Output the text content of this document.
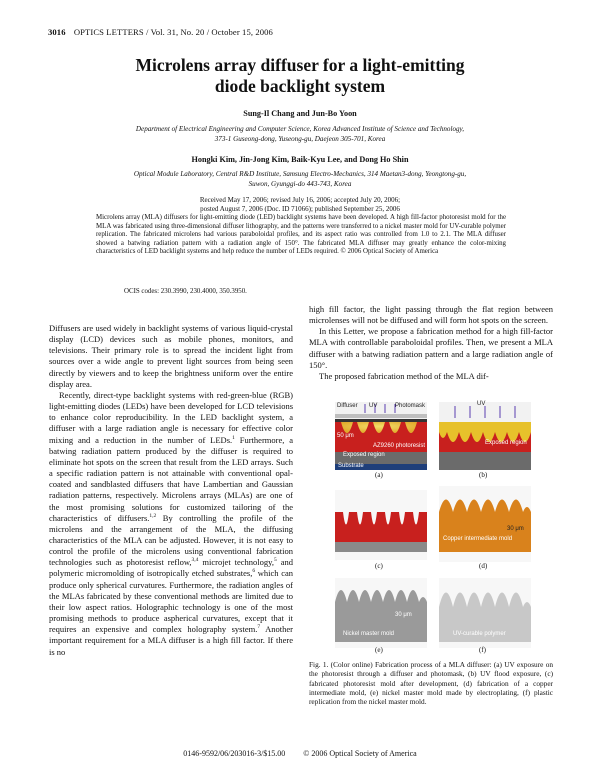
3016 OPTICS LETTERS / Vol. 31, No. 20 / October 15, 2006
Microlens array diffuser for a light-emitting
diode backlight system
Sung-Il Chang and Jun-Bo Yoon
Department of Electrical Engineering and Computer Science, Korea Advanced Institute of Science and Technology,
373-1 Guseong-dong, Yuseong-gu, Daejeon 305-701, Korea
Hongki Kim, Jin-Jong Kim, Baik-Kyu Lee, and Dong Ho Shin
Optical Module Laboratory, Central R&D Institute, Samsung Electro-Mechanics, 314 Maetan3-dong, Yeongtong-gu,
Suwon, Gyunggi-do 443-743, Korea
Received May 17, 2006; revised July 16, 2006; accepted July 20, 2006;
posted August 7, 2006 (Doc. ID 71066); published September 25, 2006
Microlens array (MLA) diffusers for light-emitting diode (LED) backlight systems have been developed. A high fill-factor photoresist mold for the MLA was fabricated using three-dimensional diffuser lithography, and the patterns were transferred to a nickel master mold for UV-curable polymer replication. The fabricated microlens had various paraboloidal profiles, and its aspect ratio was controlled from 1.0 to 2.1. The MLA diffuser showed a batwing radiation pattern with a radiation angle of 150°. The fabricated MLA diffuser may greatly enhance the color-mixing characteristics of LED backlight systems and help reduce the number of LEDs required. © 2006 Optical Society of America
OCIS codes: 230.3990, 230.4000, 350.3950.

Diffusers are used widely in backlight systems of various liquid-crystal display (LCD) devices such as mobile phones, monitors, and televisions. Their primary role is to spread the incident light from sources over a wide angle to prevent light sources from being seen directly by viewers and to keep the brightness uniform over the entire display area.

Recently, direct-type backlight systems with red-green-blue (RGB) light-emitting diodes (LEDs) have been developed for LCD televisions to enhance color reproducibility. In the LED backlight system, a diffuser with a large radiation angle is necessary for effective color mixing and a reduction in the number of LEDs.$^1$ Furthermore, a batwing radiation pattern produced by the diffuser is required to eliminate hot spots on the screen that result from the LED arrays. Such a specific radiation pattern is not attainable with conventional opal-coated and sandblasted diffusers that have Lambertian and Gaussian radiation patterns, respectively. Microlens arrays (MLAs) are one of the most promising solutions for customized tailoring of the characteristics of diffusers.$^{1,2}$ By controlling the profile of the microlens and the arrangement of the MLA, the diffusing characteristics of the MLA can be adjusted. However, it is not easy to control the profile of the microlens using conventional fabrication technologies such as photoresist reflow,$^{3,4}$ microjet technology,$^5$ and polymeric micromolding of isotropically etched substrates,$^6$ which can produce only spherical curvatures. Furthermore, the radiation angles of the MLAs fabricated by these conventional methods are limited due to their low aspect ratios. Holographic technology is one of the most promising methods to produce aspherical curvatures, except that it requires an expensive and complex holography system.$^7$ Another important requirement for a MLA diffuser is a high fill factor. If there is no

high fill factor, the light passing through the flat region between microlenses will not be diffused and will form hot spots on the screen.

In this Letter, we propose a fabrication method for a high fill-factor MLA with controllable paraboloidal profiles. Then, we present a MLA diffuser with a batwing radiation pattern and a large radiation angle of 150°.

The proposed fabrication method of the MLA dif-

Diffuser UV	Photomask	UV
AZ9260 photoresist
Exposed region
Substrate
50 μm
Exposed region
(a)	(b)
(c)
Copper intermediate mold
30 μm
(d)
Nickel master mold
30 μm
UV-curable polymer
(e)	(f)
Fig. 1. (Color online) Fabrication process of a MLA diffuser: (a) UV exposure on the photoresist through a diffuser and photomask, (b) UV flood exposure, (c) fabricated photoresist mold after development, (d) fabrication of a copper intermediate mold, (e) nickel master mold made by electroplating, (f) plastic replication from the nickel master mold.
0146-9592/06/203016-3/$15.00 © 2006 Optical Society of America
